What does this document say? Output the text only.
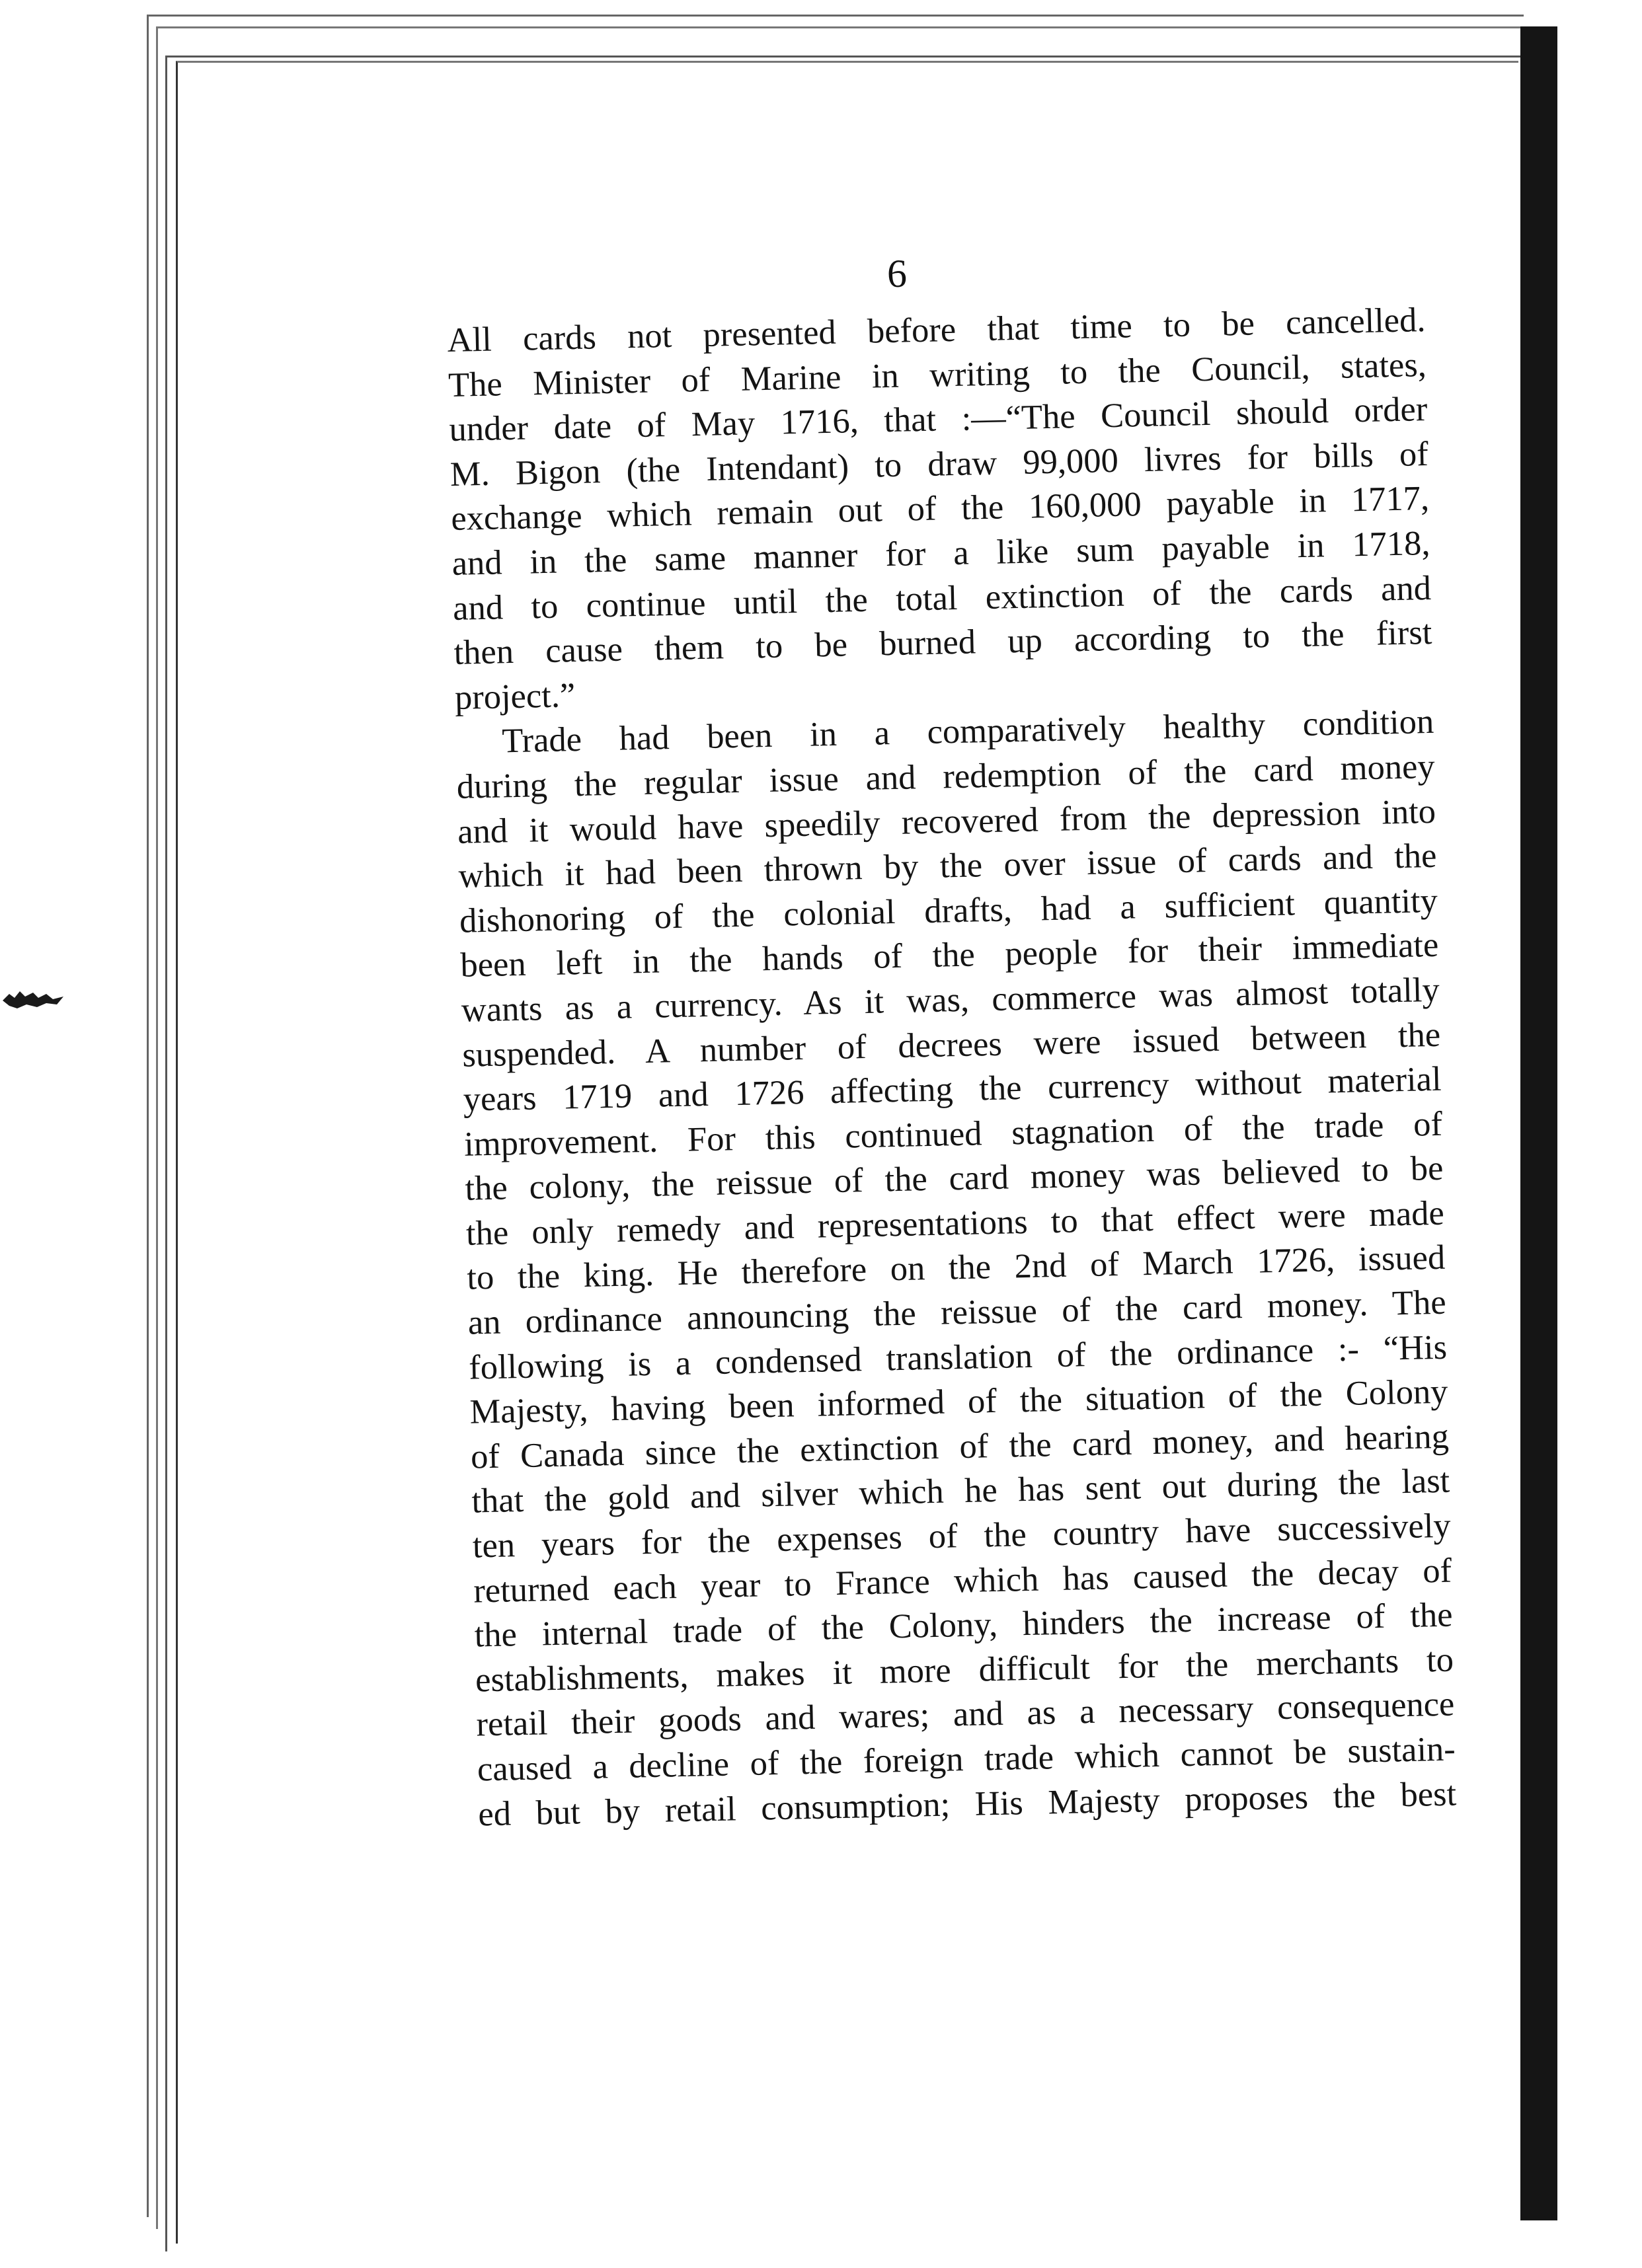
6
All cards not presented before that time to be cancelled.
The Minister of Marine in writing to the Council, states,
under date of May 1716, that :—“The Council should order
M. Bigon (the Intendant) to draw 99,000 livres for bills of
exchange which remain out of the 160,000 payable in 1717,
and in the same manner for a like sum payable in 1718,
and to continue until the total extinction of the cards and
then cause them to be burned up according to the first
project.”
Trade had been in a comparatively healthy condition
during the regular issue and redemption of the card money
and it would have speedily recovered from the depression into
which it had been thrown by the over issue of cards and the
dishonoring of the colonial drafts, had a sufficient quantity
been left in the hands of the people for their immediate
wants as a currency. As it was, commerce was almost totally
suspended. A number of decrees were issued between the
years 1719 and 1726 affecting the currency without material
improvement. For this continued stagnation of the trade of
the colony, the reissue of the card money was believed to be
the only remedy and representations to that effect were made
to the king. He therefore on the 2nd of March 1726, issued
an ordinance announcing the reissue of the card money. The
following is a condensed translation of the ordinance :- “His
Majesty, having been informed of the situation of the Colony
of Canada since the extinction of the card money, and hearing
that the gold and silver which he has sent out during the last
ten years for the expenses of the country have successively
returned each year to France which has caused the decay of
the internal trade of the Colony, hinders the increase of the
establishments, makes it more difficult for the merchants to
retail their goods and wares; and as a necessary consequence
caused a decline of the foreign trade which cannot be sustain-
ed but by retail consumption; His Majesty proposes the best
